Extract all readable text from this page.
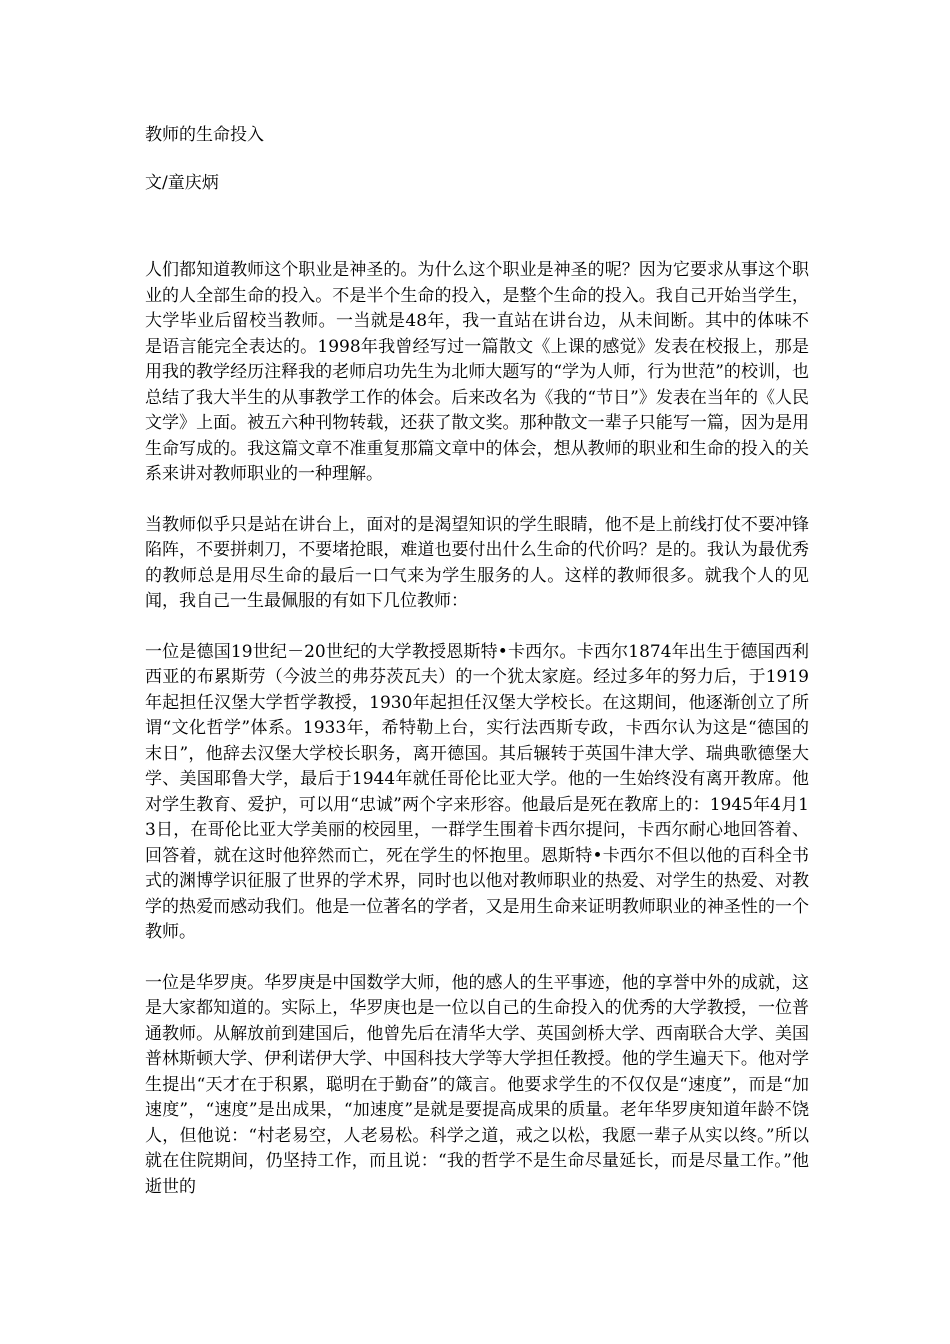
教师的生命投入

文/童庆炳

人们都知道教师这个职业是神圣的。为什么这个职业是神圣的呢？因为它要求从事这个职业的人全部生命的投入。不是半个生命的投入，是整个生命的投入。我自己开始当学生，大学毕业后留校当教师。一当就是48年，我一直站在讲台边，从未间断。其中的体味不是语言能完全表达的。1998年我曾经写过一篇散文《上课的感觉》发表在校报上，那是用我的教学经历注释我的老师启功先生为北师大题写的“学为人师，行为世范”的校训，也总结了我大半生的从事教学工作的体会。后来改名为《我的“节日”》发表在当年的《人民文学》上面。被五六种刊物转载，还获了散文奖。那种散文一辈子只能写一篇，因为是用生命写成的。我这篇文章不准重复那篇文章中的体会，想从教师的职业和生命的投入的关系来讲对教师职业的一种理解。

当教师似乎只是站在讲台上，面对的是渴望知识的学生眼睛，他不是上前线打仗不要冲锋陷阵，不要拼刺刀，不要堵抢眼，难道也要付出什么生命的代价吗？是的。我认为最优秀的教师总是用尽生命的最后一口气来为学生服务的人。这样的教师很多。就我个人的见闻，我自己一生最佩服的有如下几位教师：

一位是德国19世纪－20世纪的大学教授恩斯特•卡西尔。卡西尔1874年出生于德国西利西亚的布累斯劳（今波兰的弗芬茨瓦夫）的一个犹太家庭。经过多年的努力后，于1919年起担任汉堡大学哲学教授，1930年起担任汉堡大学校长。在这期间，他逐渐创立了所谓“文化哲学”体系。1933年，希特勒上台，实行法西斯专政，卡西尔认为这是“德国的末日”，他辞去汉堡大学校长职务，离开德国。其后辗转于英国牛津大学、瑞典歌德堡大学、美国耶鲁大学，最后于1944年就任哥伦比亚大学。他的一生始终没有离开教席。他对学生教育、爱护，可以用“忠诚”两个字来形容。他最后是死在教席上的：1945年4月13日，在哥伦比亚大学美丽的校园里，一群学生围着卡西尔提问，卡西尔耐心地回答着、回答着，就在这时他猝然而亡，死在学生的怀抱里。恩斯特•卡西尔不但以他的百科全书式的渊博学识征服了世界的学术界，同时也以他对教师职业的热爱、对学生的热爱、对教学的热爱而感动我们。他是一位著名的学者，又是用生命来证明教师职业的神圣性的一个教师。

一位是华罗庚。华罗庚是中国数学大师，他的感人的生平事迹，他的享誉中外的成就，这是大家都知道的。实际上，华罗庚也是一位以自己的生命投入的优秀的大学教授，一位普通教师。从解放前到建国后，他曾先后在清华大学、英国剑桥大学、西南联合大学、美国普林斯顿大学、伊利诺伊大学、中国科技大学等大学担任教授。他的学生遍天下。他对学生提出“天才在于积累，聪明在于勤奋”的箴言。他要求学生的不仅仅是“速度”，而是“加速度”，“速度”是出成果，“加速度”是就是要提高成果的质量。老年华罗庚知道年龄不饶人，但他说：“村老易空，人老易松。科学之道，戒之以松，我愿一辈子从实以终。”所以就在住院期间，仍坚持工作，而且说：“我的哲学不是生命尽量延长，而是尽量工作。”他逝世的
